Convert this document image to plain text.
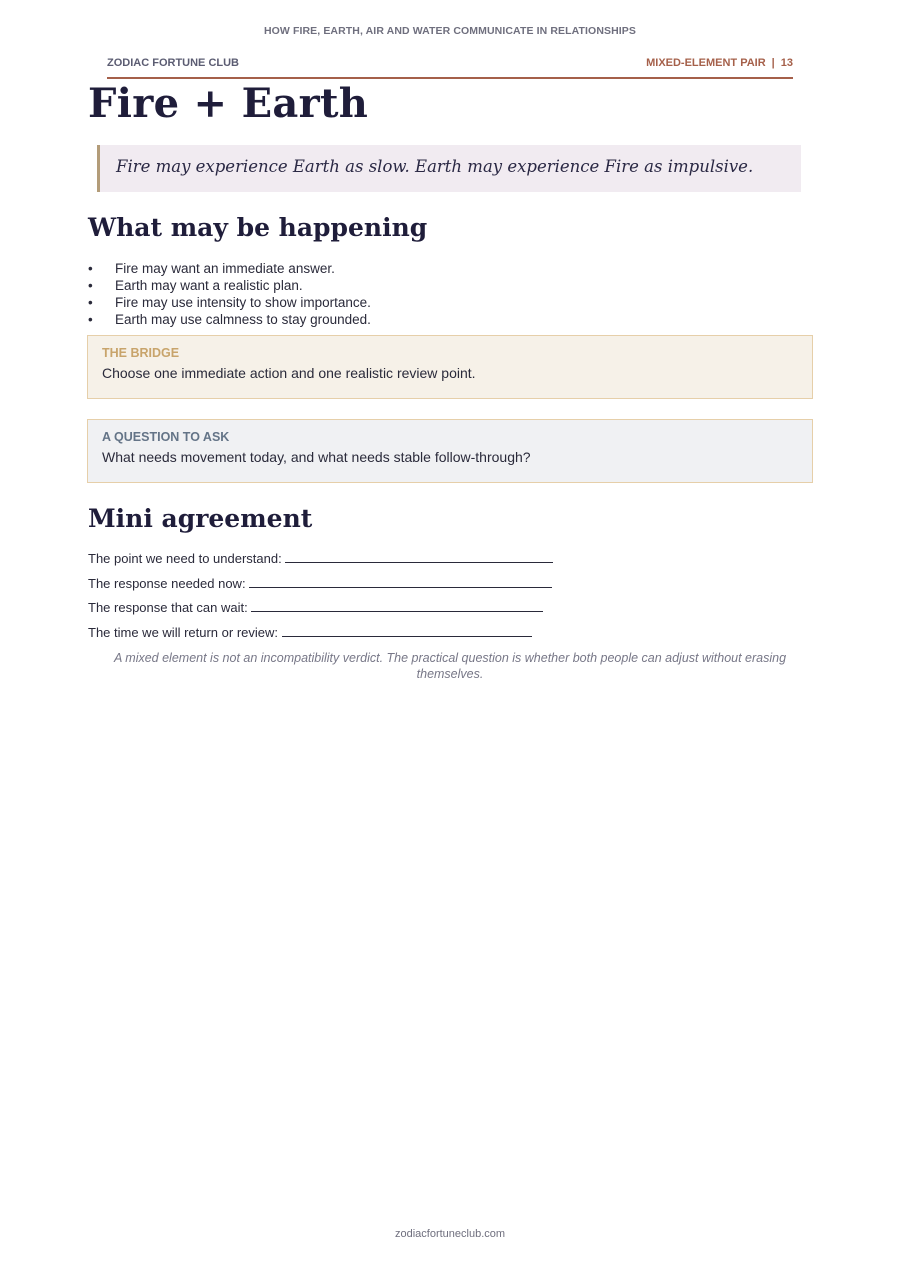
HOW FIRE, EARTH, AIR AND WATER COMMUNICATE IN RELATIONSHIPS
ZODIAC FORTUNE CLUB	MIXED-ELEMENT PAIR | 13
Fire + Earth
Fire may experience Earth as slow. Earth may experience Fire as impulsive.
What may be happening
• Fire may want an immediate answer.
• Earth may want a realistic plan.
• Fire may use intensity to show importance.
• Earth may use calmness to stay grounded.
THE BRIDGE
Choose one immediate action and one realistic review point.
A QUESTION TO ASK
What needs movement today, and what needs stable follow-through?
Mini agreement
The point we need to understand:
The response needed now:
The response that can wait:
The time we will return or review:
A mixed element is not an incompatibility verdict. The practical question is whether both people can adjust without erasing themselves.
zodiacfortuneclub.com
